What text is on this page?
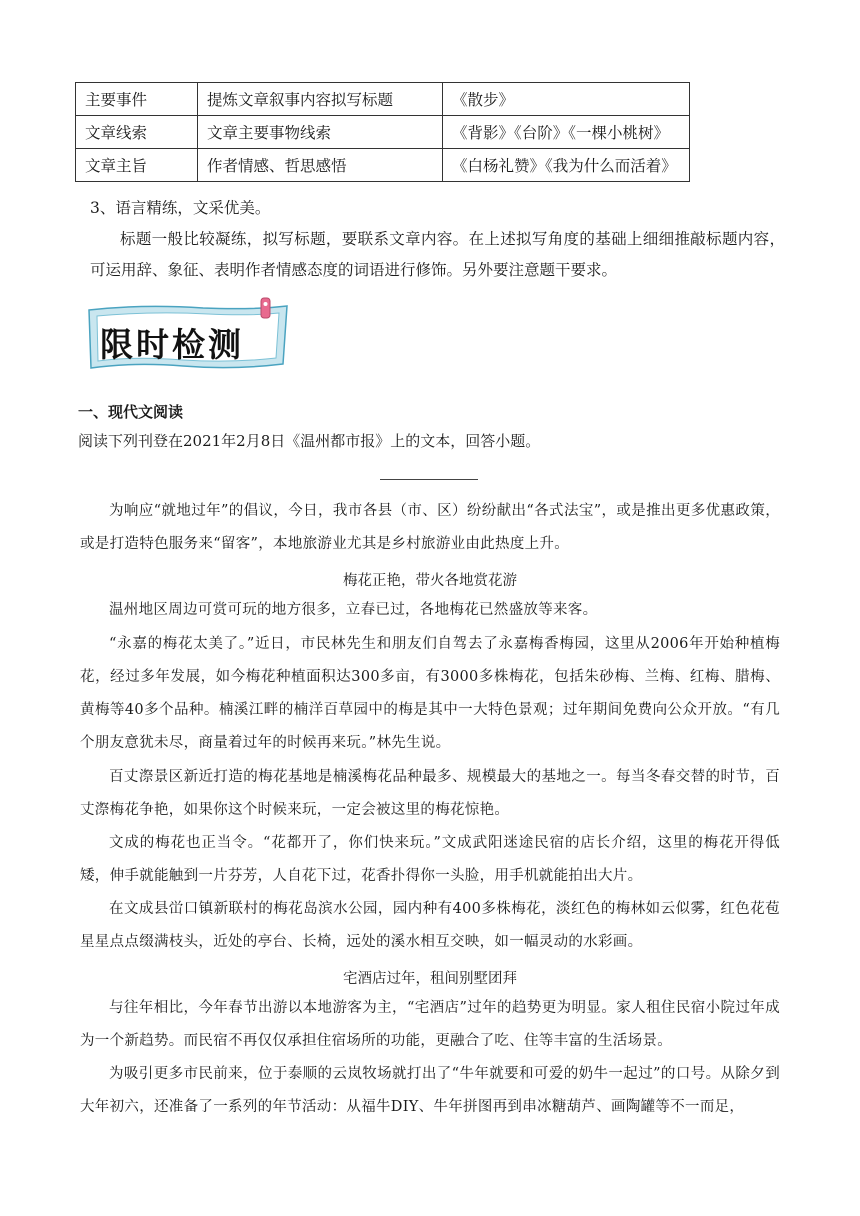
主要事件	提炼文章叙事内容拟写标题	《散步》
文章线索	文章主要事物线索	《背影》《台阶》《一棵小桃树》
文章主旨	作者情感、哲思感悟	《白杨礼赞》《我为什么而活着》
3、语言精练，文采优美。
标题一般比较凝练，拟写标题，要联系文章内容。在上述拟写角度的基础上细细推敲标题内容，可运用辞、象征、表明作者情感态度的词语进行修饰。另外要注意题干要求。
限时检测
一、现代文阅读
阅读下列刊登在2021年2月8日《温州都市报》上的文本，回答小题。
为响应“就地过年”的倡议，今日，我市各县（市、区）纷纷献出“各式法宝”，或是推出更多优惠政策，或是打造特色服务来“留客”，本地旅游业尤其是乡村旅游业由此热度上升。
梅花正艳，带火各地赏花游
温州地区周边可赏可玩的地方很多，立春已过，各地梅花已然盛放等来客。
“永嘉的梅花太美了。”近日，市民林先生和朋友们自驾去了永嘉梅香梅园，这里从2006年开始种植梅花，经过多年发展，如今梅花种植面积达300多亩，有3000多株梅花，包括朱砂梅、兰梅、红梅、腊梅、黄梅等40多个品种。楠溪江畔的楠洋百草园中的梅是其中一大特色景观；过年期间免费向公众开放。“有几个朋友意犹未尽，商量着过年的时候再来玩。”林先生说。
百丈漈景区新近打造的梅花基地是楠溪梅花品种最多、规模最大的基地之一。每当冬春交替的时节，百丈漈梅花争艳，如果你这个时候来玩，一定会被这里的梅花惊艳。
文成的梅花也正当令。“花都开了，你们快来玩。”文成武阳迷途民宿的店长介绍，这里的梅花开得低矮，伸手就能触到一片芬芳，人自花下过，花香扑得你一头脸，用手机就能拍出大片。
在文成县峃口镇新联村的梅花岛滨水公园，园内种有400多株梅花，淡红色的梅林如云似雾，红色花苞星星点点缀满枝头，近处的亭台、长椅，远处的溪水相互交映，如一幅灵动的水彩画。
宅酒店过年，租间别墅团拜
与往年相比，今年春节出游以本地游客为主，“宅酒店”过年的趋势更为明显。家人租住民宿小院过年成为一个新趋势。而民宿不再仅仅承担住宿场所的功能，更融合了吃、住等丰富的生活场景。
为吸引更多市民前来，位于泰顺的云岚牧场就打出了“牛年就要和可爱的奶牛一起过”的口号。从除夕到大年初六，还准备了一系列的年节活动：从福牛DIY、牛年拼图再到串冰糖葫芦、画陶罐等不一而足，
